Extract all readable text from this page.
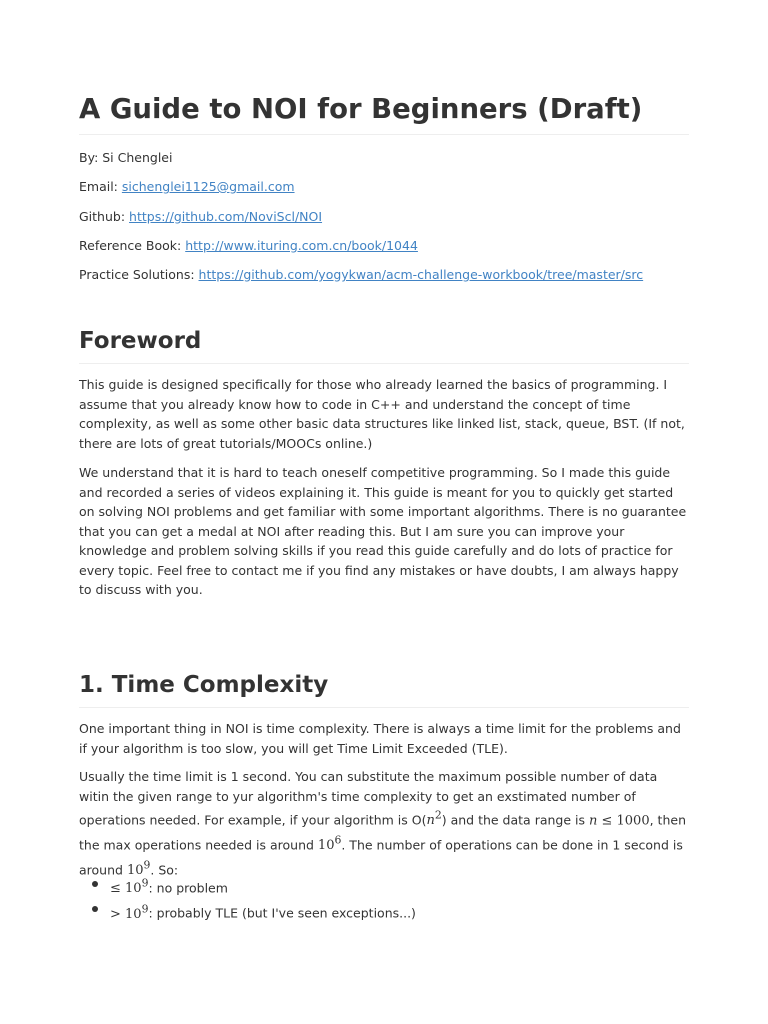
A Guide to NOI for Beginners (Draft)

By: Si Chenglei

Email: sichenglei1125@gmail.com

Github: https://github.com/NoviScl/NOI

Reference Book: http://www.ituring.com.cn/book/1044

Practice Solutions: https://github.com/yogykwan/acm-challenge-workbook/tree/master/src

Foreword

This guide is designed specifically for those who already learned the basics of programming. I assume that you already know how to code in C++ and understand the concept of time complexity, as well as some other basic data structures like linked list, stack, queue, BST. (If not, there are lots of great tutorials/MOOCs online.)

We understand that it is hard to teach oneself competitive programming. So I made this guide and recorded a series of videos explaining it. This guide is meant for you to quickly get started on solving NOI problems and get familiar with some important algorithms. There is no guarantee that you can get a medal at NOI after reading this. But I am sure you can improve your knowledge and problem solving skills if you read this guide carefully and do lots of practice for every topic. Feel free to contact me if you find any mistakes or have doubts, I am always happy to discuss with you.

1. Time Complexity

One important thing in NOI is time complexity. There is always a time limit for the problems and if your algorithm is too slow, you will get Time Limit Exceeded (TLE).

Usually the time limit is 1 second. You can substitute the maximum possible number of data witin the given range to yur algorithm's time complexity to get an exstimated number of operations needed. For example, if your algorithm is $O(n^2)$ and the data range is n ≤ 1000, then the max operations needed is around $10^6$. The number of operations can be done in 1 second is around $10^9$. So:

≤ $10^9$: no problem
> $10^9$: probably TLE (but I've seen exceptions...)
